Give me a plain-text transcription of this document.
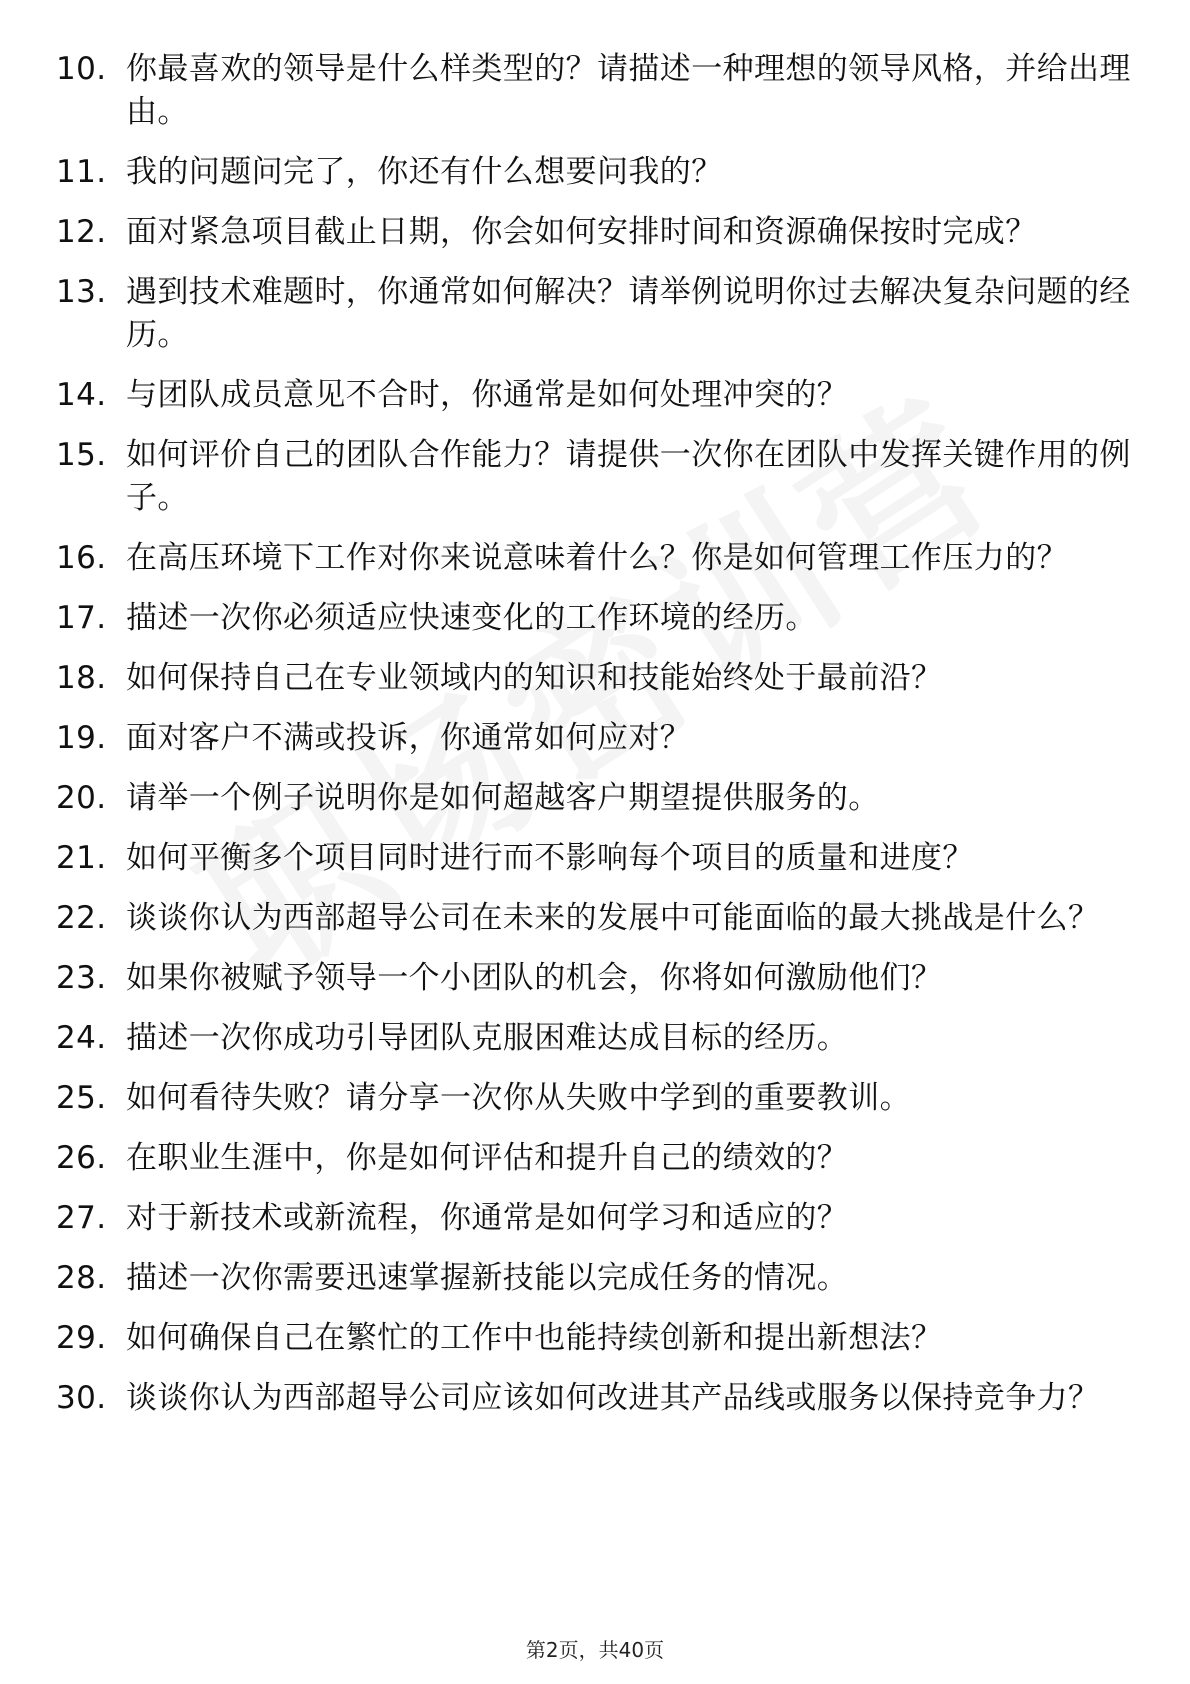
10. 你最喜欢的领导是什么样类型的？请描述一种理想的领导风格，并给出理由。
11. 我的问题问完了，你还有什么想要问我的？
12. 面对紧急项目截止日期，你会如何安排时间和资源确保按时完成？
13. 遇到技术难题时，你通常如何解决？请举例说明你过去解决复杂问题的经历。
14. 与团队成员意见不合时，你通常是如何处理冲突的？
15. 如何评价自己的团队合作能力？请提供一次你在团队中发挥关键作用的例子。
16. 在高压环境下工作对你来说意味着什么？你是如何管理工作压力的？
17. 描述一次你必须适应快速变化的工作环境的经历。
18. 如何保持自己在专业领域内的知识和技能始终处于最前沿？
19. 面对客户不满或投诉，你通常如何应对？
20. 请举一个例子说明你是如何超越客户期望提供服务的。
21. 如何平衡多个项目同时进行而不影响每个项目的质量和进度？
22. 谈谈你认为西部超导公司在未来的发展中可能面临的最大挑战是什么？
23. 如果你被赋予领导一个小团队的机会，你将如何激励他们？
24. 描述一次你成功引导团队克服困难达成目标的经历。
25. 如何看待失败？请分享一次你从失败中学到的重要教训。
26. 在职业生涯中，你是如何评估和提升自己的绩效的？
27. 对于新技术或新流程，你通常是如何学习和适应的？
28. 描述一次你需要迅速掌握新技能以完成任务的情况。
29. 如何确保自己在繁忙的工作中也能持续创新和提出新想法？
30. 谈谈你认为西部超导公司应该如何改进其产品线或服务以保持竞争力？
第2页，共40页
